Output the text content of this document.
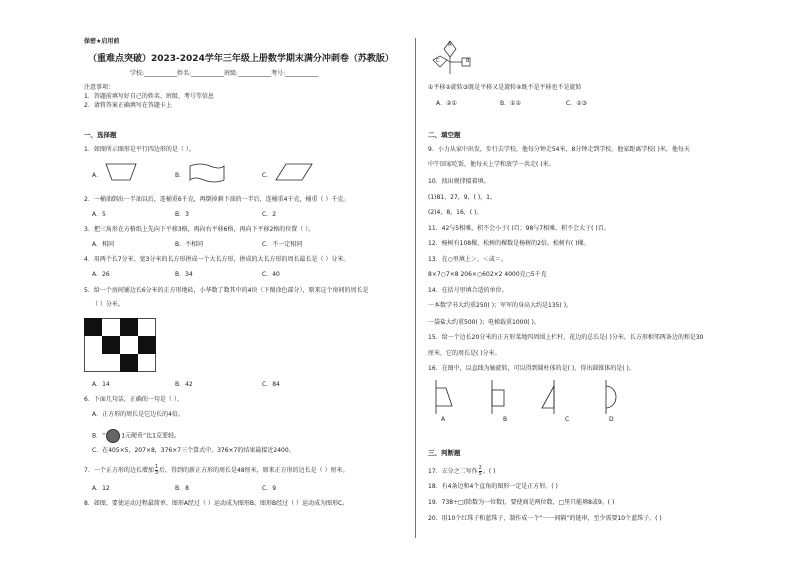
保密★启用前
（重难点突破）2023-2024学年三年级上册数学期末满分冲刺卷（苏教版）
学校:___________姓名:___________班级:___________考号:___________
注意事项：
1．答题前填写好自己的姓名、班级、考号等信息
2．请将答案正确填写在答题卡上
一、选择题
1．如图所示图形是平行四边形的是（ ）。
A．	B．	C．
2．一桶油倒出一半油以后，连桶重6千克，再倒掉剩下油的一半后，连桶重4千克，桶重（ ）千克。
A．5	B．3	C．2
3．把三角形在方格纸上先向下平移3格，再向右平移6格，再向下平移2格的位置（ ）。
A．相同	B．不相同	C．不一定相同
4．用两个长7分米、宽3分米的长方形拼成一个大长方形，拼成的大长方形的周长最长是（ ）分米。
A．26	B．34	C．40
5．给一个房间铺边长6分米的正方形地砖，小华数了数其中的4块（下图涂色部分），原来这个房间的周长是
（ ）分米。
A．14	B．42	C．84
6．下面几句话，正确的一句是（ ）。
A．正方形的周长是它边长的4倍。
B．“	1元硬币”比1克要轻。
C．在405×5，207×8，376×7三个算式中，376×7的结果最接近2400。
7．一个正方形的边长增加 $\frac{1}{3}$ 后，得到的新正方形的周长是48厘米，原来正方形的边长是（ ）厘米。
A．12	B．8	C．9
8．如图，要使运动过程最简单，图形A经过（ ）运动成为图形B，图形B经过（ ）运动成为图形C。
A
C	B
①平移②旋转③既是平移又是旋转④既不是平移也不是旋转
A．②①	B．①②	C．②③
二、填空题
9．小力从家中出发，步行去学校，他每分钟走54米，8分钟走到学校。他家距离学校( )米，他每天
中午回家吃饭，他每天上学和放学一共走( )米。
10．找出规律接着填。
(1)81，27，9，( )，1。
(2)4，8，16，( )。
11．42与5相乘，积不会小于( )百；98与7相乘，积不会大于( )百。
12．杨树有108棵，松树的棵数是杨树的2倍。松树有( )棵。
13．在○里填上＞、＜或＝。
8×7○7×8 206×○602×2 4000克○5千克
14．在括号里填合适的单位。
一本数学书大约重250( )；军军的身高大约是135( )。
一袋盐大约重500( )；电梯载重1000( )。
15．给一个边长20分米的正方形菜地四周围上栏杆，花边的总长是( )分米。长方形相邻两条边的和是30
厘米，它的周长是( )分米。
16．在图中，以直线为轴旋转，可以得到圆柱体的是( )，得出圆锥体的是( )。
A	B	C	D
三、判断题
17．五分之二写作 $\frac{2}{5}$ 。( )
18．有4条边和4个直角的图形一定是正方形。( )
19．738÷□(除数为一位数)，要使商是两位数，□里只能填8或9。( )
20．用10个红珠子和蓝珠子，制作成一个“一一间隔”的链串，至少需要10个蓝珠子。( )
